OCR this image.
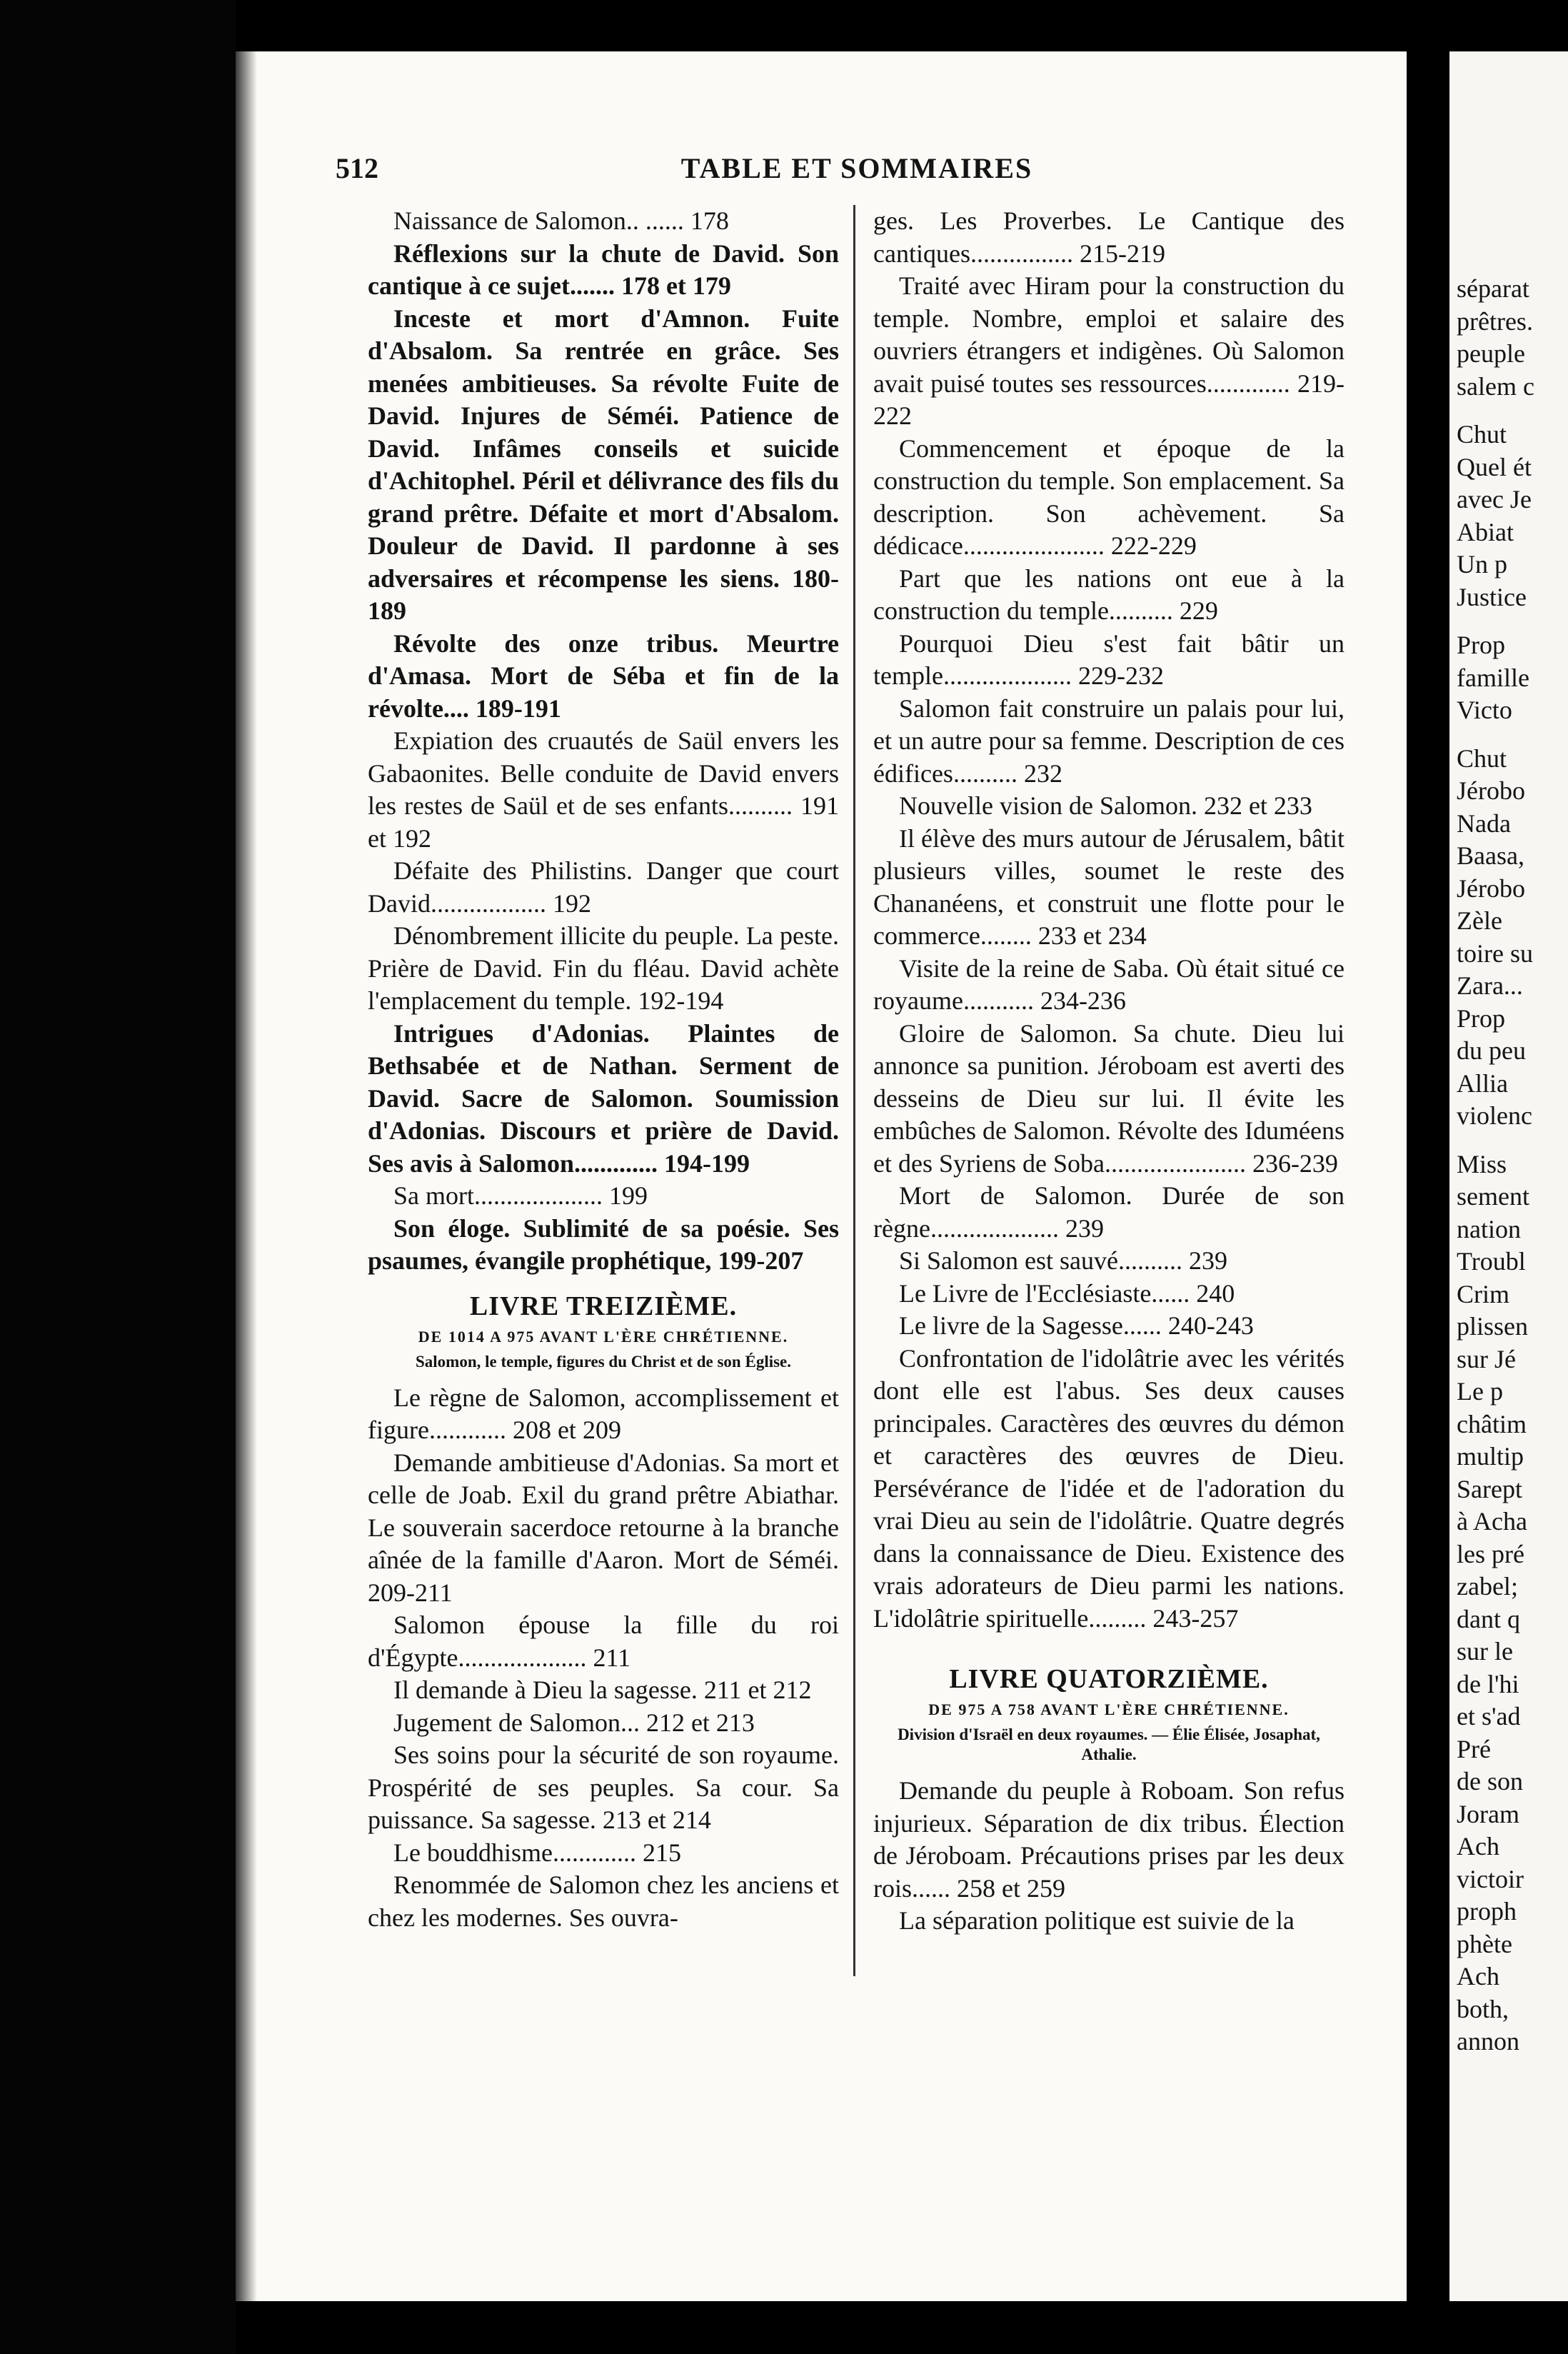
512	TABLE ET SOMMAIRES

Naissance de Salomon.. ...... 178

Réflexions sur la chute de David. Son cantique à ce sujet....... 178 et 179

Inceste et mort d'Amnon. Fuite d'Absalom. Sa rentrée en grâce. Ses menées ambitieuses. Sa révolte Fuite de David. Injures de Séméi. Patience de David. Infâmes conseils et suicide d'Achitophel. Péril et délivrance des fils du grand prêtre. Défaite et mort d'Absalom. Douleur de David. Il pardonne à ses adversaires et récompense les siens. 180-189

Révolte des onze tribus. Meurtre d'Amasa. Mort de Séba et fin de la révolte.... 189-191

Expiation des cruautés de Saül envers les Gabaonites. Belle conduite de David envers les restes de Saül et de ses enfants.......... 191 et 192

Défaite des Philistins. Danger que court David.................. 192

Dénombrement illicite du peuple. La peste. Prière de David. Fin du fléau. David achète l'emplacement du temple. 192-194

Intrigues d'Adonias. Plaintes de Bethsabée et de Nathan. Serment de David. Sacre de Salomon. Soumission d'Adonias. Discours et prière de David. Ses avis à Salomon............. 194-199

Sa mort.................... 199

Son éloge. Sublimité de sa poésie. Ses psaumes, évangile prophétique, 199-207

LIVRE TREIZIÈME.
DE 1014 A 975 AVANT L'ÈRE CHRÉTIENNE.
Salomon, le temple, figures du Christ et de son Église.

Le règne de Salomon, accomplissement et figure............ 208 et 209

Demande ambitieuse d'Adonias. Sa mort et celle de Joab. Exil du grand prêtre Abiathar. Le souverain sacerdoce retourne à la branche aînée de la famille d'Aaron. Mort de Séméi. 209-211

Salomon épouse la fille du roi d'Égypte.................... 211

Il demande à Dieu la sagesse. 211 et 212

Jugement de Salomon... 212 et 213

Ses soins pour la sécurité de son royaume. Prospérité de ses peuples. Sa cour. Sa puissance. Sa sagesse. 213 et 214

Le bouddhisme............. 215

Renommée de Salomon chez les anciens et chez les modernes. Ses ouvra-

ges. Les Proverbes. Le Cantique des cantiques................ 215-219

Traité avec Hiram pour la construction du temple. Nombre, emploi et salaire des ouvriers étrangers et indigènes. Où Salomon avait puisé toutes ses ressources............. 219-222

Commencement et époque de la construction du temple. Son emplacement. Sa description. Son achèvement. Sa dédicace...................... 222-229

Part que les nations ont eue à la construction du temple.......... 229

Pourquoi Dieu s'est fait bâtir un temple.................... 229-232

Salomon fait construire un palais pour lui, et un autre pour sa femme. Description de ces édifices.......... 232

Nouvelle vision de Salomon. 232 et 233

Il élève des murs autour de Jérusalem, bâtit plusieurs villes, soumet le reste des Chananéens, et construit une flotte pour le commerce........ 233 et 234

Visite de la reine de Saba. Où était situé ce royaume........... 234-236

Gloire de Salomon. Sa chute. Dieu lui annonce sa punition. Jéroboam est averti des desseins de Dieu sur lui. Il évite les embûches de Salomon. Révolte des Iduméens et des Syriens de Soba...................... 236-239

Mort de Salomon. Durée de son règne.................... 239

Si Salomon est sauvé.......... 239

Le Livre de l'Ecclésiaste...... 240

Le livre de la Sagesse...... 240-243

Confrontation de l'idolâtrie avec les vérités dont elle est l'abus. Ses deux causes principales. Caractères des œuvres du démon et caractères des œuvres de Dieu. Persévérance de l'idée et de l'adoration du vrai Dieu au sein de l'idolâtrie. Quatre degrés dans la connaissance de Dieu. Existence des vrais adorateurs de Dieu parmi les nations. L'idolâtrie spirituelle......... 243-257

LIVRE QUATORZIÈME.
DE 975 A 758 AVANT L'ÈRE CHRÉTIENNE.
Division d'Israël en deux royaumes. — Élie Élisée, Josaphat, Athalie.

Demande du peuple à Roboam. Son refus injurieux. Séparation de dix tribus. Élection de Jéroboam. Précautions prises par les deux rois...... 258 et 259

La séparation politique est suivie de la

séparat
prêtres.
peuple
salem c
Chut
Quel ét
avec Je
Abiat
Un p
Justice
Prop
famille
Victo
Chut
Jérobo
Nada
Baasa,
Jérobo
Zèle
toire su
Zara...
Prop
du peu
Allia
violenc
Miss
sement
nation
Troubl
Crim
plissen
sur Jé
Le p
châtim
multip
Sarept
à Acha
les pré
zabel;
dant q
sur le
de l'hi
et s'ad
Pré
de son
Joram
Ach
victoir
proph
phète
Ach
both,
annon
